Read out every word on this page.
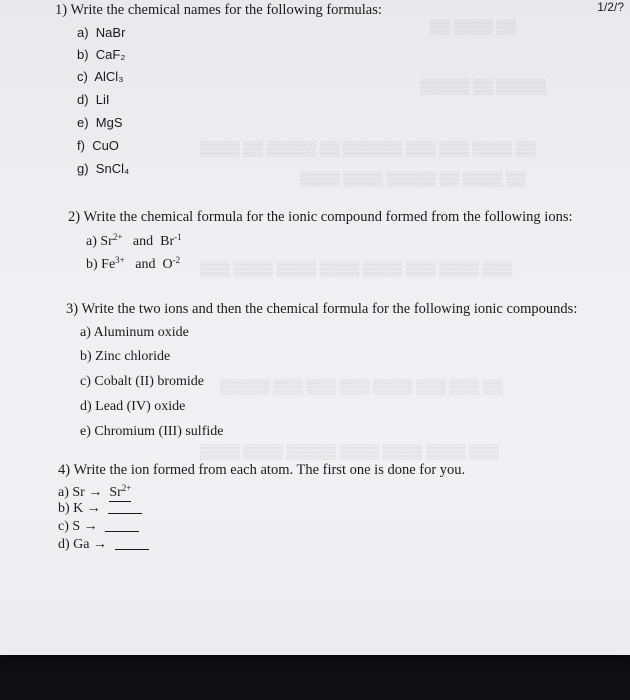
▒▒ ▒▒▒▒ ▒▒
▒▒▒▒▒ ▒▒ ▒▒▒▒▒
▒▒▒▒ ▒▒ ▒▒▒▒▒ ▒▒ ▒▒▒▒▒▒ ▒▒▒ ▒▒▒ ▒▒▒▒ ▒▒
▒▒▒▒ ▒▒▒▒ ▒▒▒▒▒ ▒▒ ▒▒▒▒ ▒▒
▒▒▒ ▒▒▒▒ ▒▒▒▒ ▒▒▒▒ ▒▒▒▒ ▒▒▒ ▒▒▒▒ ▒▒▒
▒▒▒▒▒ ▒▒▒ ▒▒▒ ▒▒▒ ▒▒▒▒ ▒▒▒ ▒▒▒ ▒▒
▒▒▒▒ ▒▒▒▒ ▒▒▒▒▒ ▒▒▒▒ ▒▒▒▒ ▒▒▒▒ ▒▒▒
1/2/?
1) Write the chemical names for the following formulas:
a) NaBr
b) CaF₂
c) AlCl₃
d) LiI
e) MgS
f) CuO
g) SnCl₄
2) Write the chemical formula for the ionic compound formed from the following ions:
a) $Sr^{2+}$ and $Br^{-1}$
b) $Fe^{3+}$ and $O^{-2}$
3) Write the two ions and then the chemical formula for the following ionic compounds:
a) Aluminum oxide
b) Zinc chloride
c) Cobalt (II) bromide
d) Lead (IV) oxide
e) Chromium (III) sulfide
4) Write the ion formed from each atom. The first one is done for you.
a) $Sr \to Sr^{2+}$
b) K →
c) S →
d) Ga →
